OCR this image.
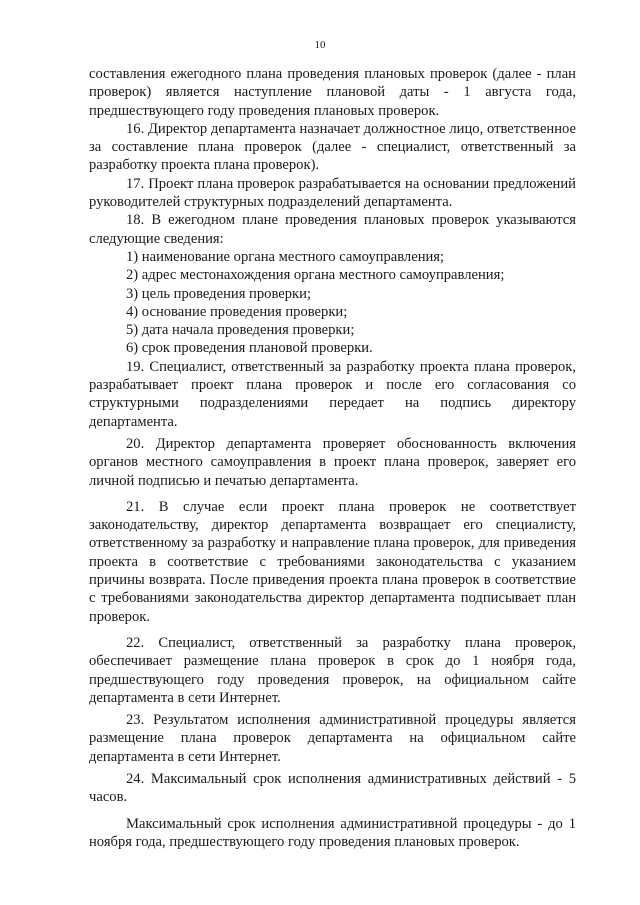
10

составления ежегодного плана проведения плановых проверок (далее - план проверок) является наступление плановой даты - 1 августа года, предшествующего году проведения плановых проверок.

16. Директор департамента назначает должностное лицо, ответственное за составление плана проверок (далее - специалист, ответственный за разработку проекта плана проверок).

17. Проект плана проверок разрабатывается на основании предложений руководителей структурных подразделений департамента.

18. В ежегодном плане проведения плановых проверок указываются следующие сведения:

1) наименование органа местного самоуправления;
2) адрес местонахождения органа местного самоуправления;
3) цель проведения проверки;
4) основание проведения проверки;
5) дата начала проведения проверки;
6) срок проведения плановой проверки.

19. Специалист, ответственный за разработку проекта плана проверок, разрабатывает проект плана проверок и после его согласования со структурными подразделениями передает на подпись директору департамента.

20. Директор департамента проверяет обоснованность включения органов местного самоуправления в проект плана проверок, заверяет его личной подписью и печатью департамента.

21. В случае если проект плана проверок не соответствует законодательству, директор департамента возвращает его специалисту, ответственному за разработку и направление плана проверок, для приведения проекта в соответствие с требованиями законодательства с указанием причины возврата. После приведения проекта плана проверок в соответствие с требованиями законодательства директор департамента подписывает план проверок.

22. Специалист, ответственный за разработку плана проверок, обеспечивает размещение плана проверок в срок до 1 ноября года, предшествующего году проведения проверок, на официальном сайте департамента в сети Интернет.

23. Результатом исполнения административной процедуры является размещение плана проверок департамента на официальном сайте департамента в сети Интернет.

24. Максимальный срок исполнения административных действий - 5 часов.

Максимальный срок исполнения административной процедуры - до 1 ноября года, предшествующего году проведения плановых проверок.
